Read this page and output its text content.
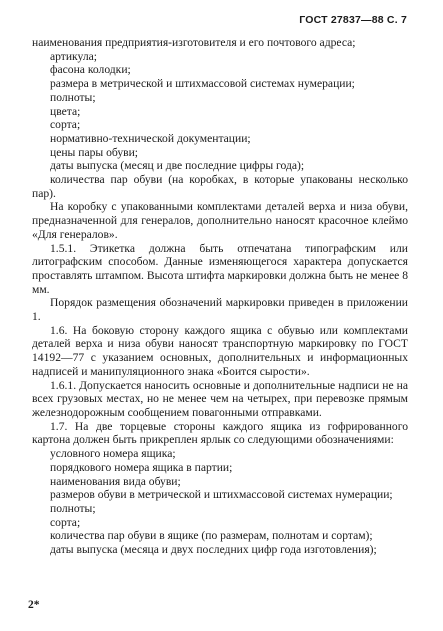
ГОСТ 27837—88 С. 7

наименования предприятия-изготовителя и его почтового адреса;

артикула;

фасона колодки;

размера в метрической и штихмассовой системах нумерации;

полноты;

цвета;

сорта;

нормативно-технической документации;

цены пары обуви;

даты выпуска (месяц и две последние цифры года);

количества пар обуви (на коробках, в которые упакованы несколько пар).

На коробку с упакованными комплектами деталей верха и низа обуви, предназначенной для генералов, дополнительно наносят красочное клеймо «Для генералов».

1.5.1. Этикетка должна быть отпечатана типографским или литографским способом. Данные изменяющегося характера допускается проставлять штампом. Высота штифта маркировки должна быть не менее 8 мм.

Порядок размещения обозначений маркировки приведен в приложении 1.

1.6. На боковую сторону каждого ящика с обувью или комплектами деталей верха и низа обуви наносят транспортную маркировку по ГОСТ 14192—77 с указанием основных, дополнительных и информационных надписей и манипуляционного знака «Боится сырости».

1.6.1. Допускается наносить основные и дополнительные надписи не на всех грузовых местах, но не менее чем на четырех, при перевозке прямым железнодорожным сообщением повагонными отправками.

1.7. На две торцевые стороны каждого ящика из гофрированного картона должен быть прикреплен ярлык со следующими обозначениями:

условного номера ящика;

порядкового номера ящика в партии;

наименования вида обуви;

размеров обуви в метрической и штихмассовой системах нумерации;

полноты;

сорта;

количества пар обуви в ящике (по размерам, полнотам и сортам);

даты выпуска (месяца и двух последних цифр года изготовления);

2*
